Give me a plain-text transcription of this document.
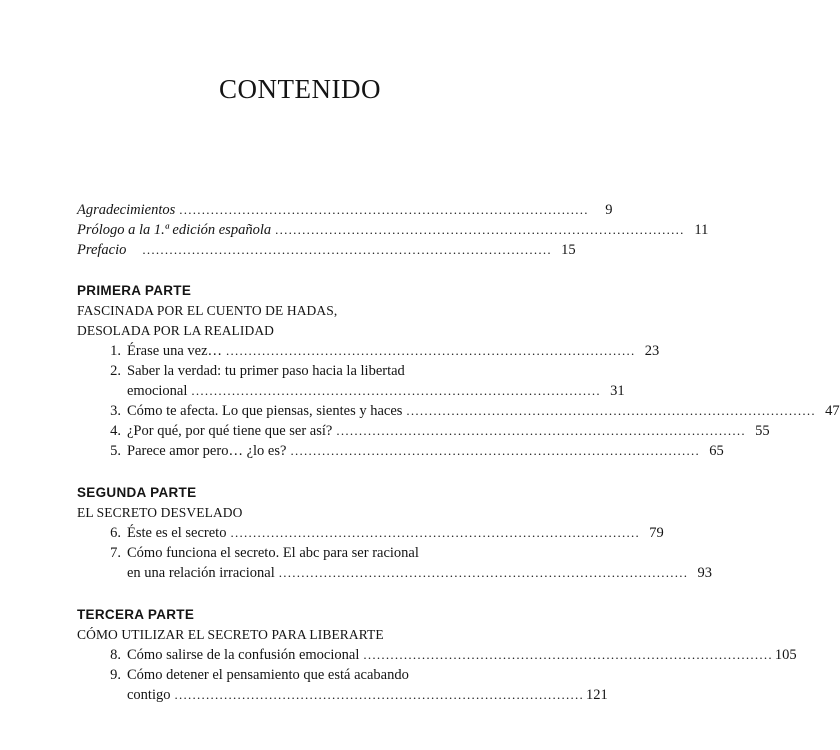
CONTENIDO
Agradecimientos . . .	9
Prólogo a la 1.ª edición española . . .	11
Prefacio . . .	15
PRIMERA PARTE
FASCINADA POR EL CUENTO DE HADAS,
DESOLADA POR LA REALIDAD
1. Érase una vez… . . .	23
2. Saber la verdad: tu primer paso hacia la libertad
emocional . . .	31
3. Cómo te afecta. Lo que piensas, sientes y haces . . .	47
4. ¿Por qué, por qué tiene que ser así? . . .	55
5. Parece amor pero… ¿lo es? . . .	65
SEGUNDA PARTE
EL SECRETO DESVELADO
6. Éste es el secreto . . .	79
7. Cómo funciona el secreto. El abc para ser racional
en una relación irracional . . .	93
TERCERA PARTE
CÓMO UTILIZAR EL SECRETO PARA LIBERARTE
8. Cómo salirse de la confusión emocional . . .	105
9. Cómo detener el pensamiento que está acabando
contigo . . .	121
